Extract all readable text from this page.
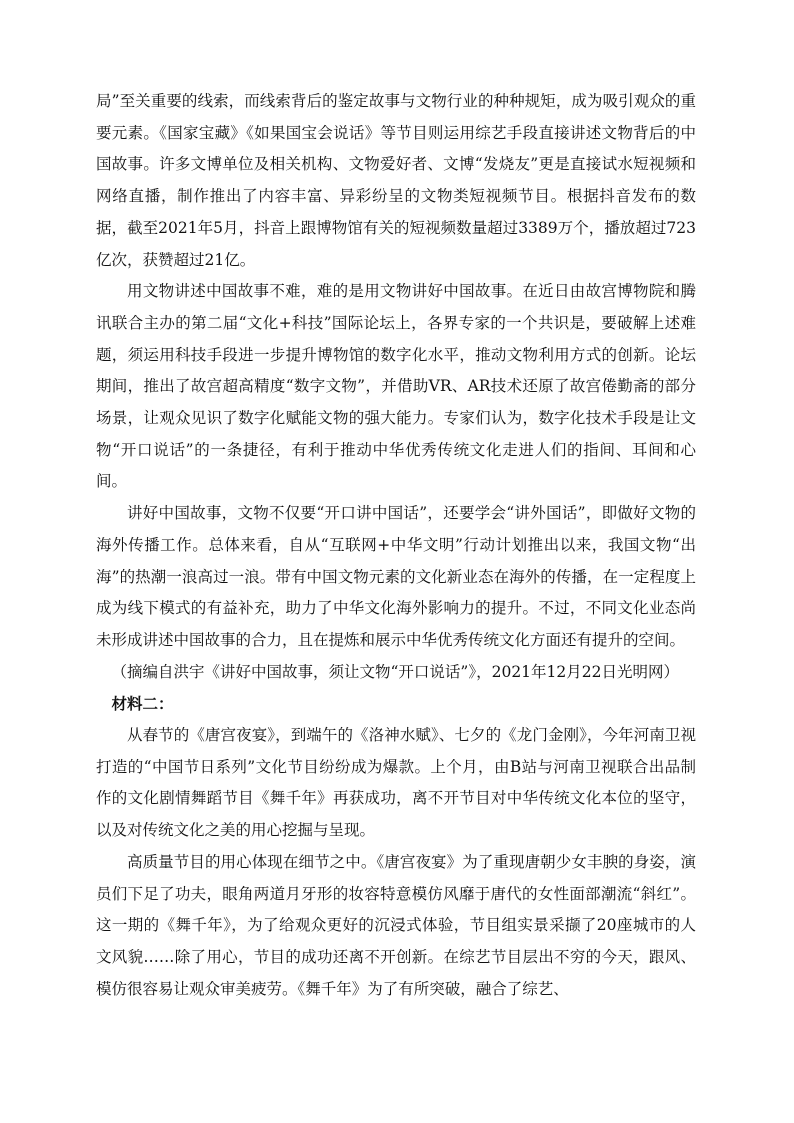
局”至关重要的线索，而线索背后的鉴定故事与文物行业的种种规矩，成为吸引观众的重要元素。《国家宝藏》《如果国宝会说话》等节目则运用综艺手段直接讲述文物背后的中国故事。许多文博单位及相关机构、文物爱好者、文博“发烧友”更是直接试水短视频和网络直播，制作推出了内容丰富、异彩纷呈的文物类短视频节目。根据抖音发布的数据，截至2021年5月，抖音上跟博物馆有关的短视频数量超过3389万个，播放超过723亿次，获赞超过21亿。

用文物讲述中国故事不难，难的是用文物讲好中国故事。在近日由故宫博物院和腾讯联合主办的第二届“文化+科技”国际论坛上，各界专家的一个共识是，要破解上述难题，须运用科技手段进一步提升博物馆的数字化水平，推动文物利用方式的创新。论坛期间，推出了故宫超高精度“数字文物”，并借助VR、AR技术还原了故宫倦勤斋的部分场景，让观众见识了数字化赋能文物的强大能力。专家们认为，数字化技术手段是让文物“开口说话”的一条捷径，有利于推动中华优秀传统文化走进人们的指间、耳间和心间。

讲好中国故事，文物不仅要“开口讲中国话”，还要学会“讲外国话”，即做好文物的海外传播工作。总体来看，自从“互联网+中华文明”行动计划推出以来，我国文物“出海”的热潮一浪高过一浪。带有中国文物元素的文化新业态在海外的传播，在一定程度上成为线下模式的有益补充，助力了中华文化海外影响力的提升。不过，不同文化业态尚未形成讲述中国故事的合力，且在提炼和展示中华优秀传统文化方面还有提升的空间。

（摘编自洪宇《讲好中国故事，须让文物“开口说话”》，2021年12月22日光明网）

材料二：

从春节的《唐宫夜宴》，到端午的《洛神水赋》、七夕的《龙门金刚》，今年河南卫视打造的“中国节日系列”文化节目纷纷成为爆款。上个月，由B站与河南卫视联合出品制作的文化剧情舞蹈节目《舞千年》再获成功，离不开节目对中华传统文化本位的坚守，以及对传统文化之美的用心挖掘与呈现。

高质量节目的用心体现在细节之中。《唐宫夜宴》为了重现唐朝少女丰腴的身姿，演员们下足了功夫，眼角两道月牙形的妆容特意模仿风靡于唐代的女性面部潮流“斜红”。这一期的《舞千年》，为了给观众更好的沉浸式体验，节目组实景采撷了20座城市的人文风貌……除了用心，节目的成功还离不开创新。在综艺节目层出不穷的今天，跟风、模仿很容易让观众审美疲劳。《舞千年》为了有所突破，融合了综艺、
